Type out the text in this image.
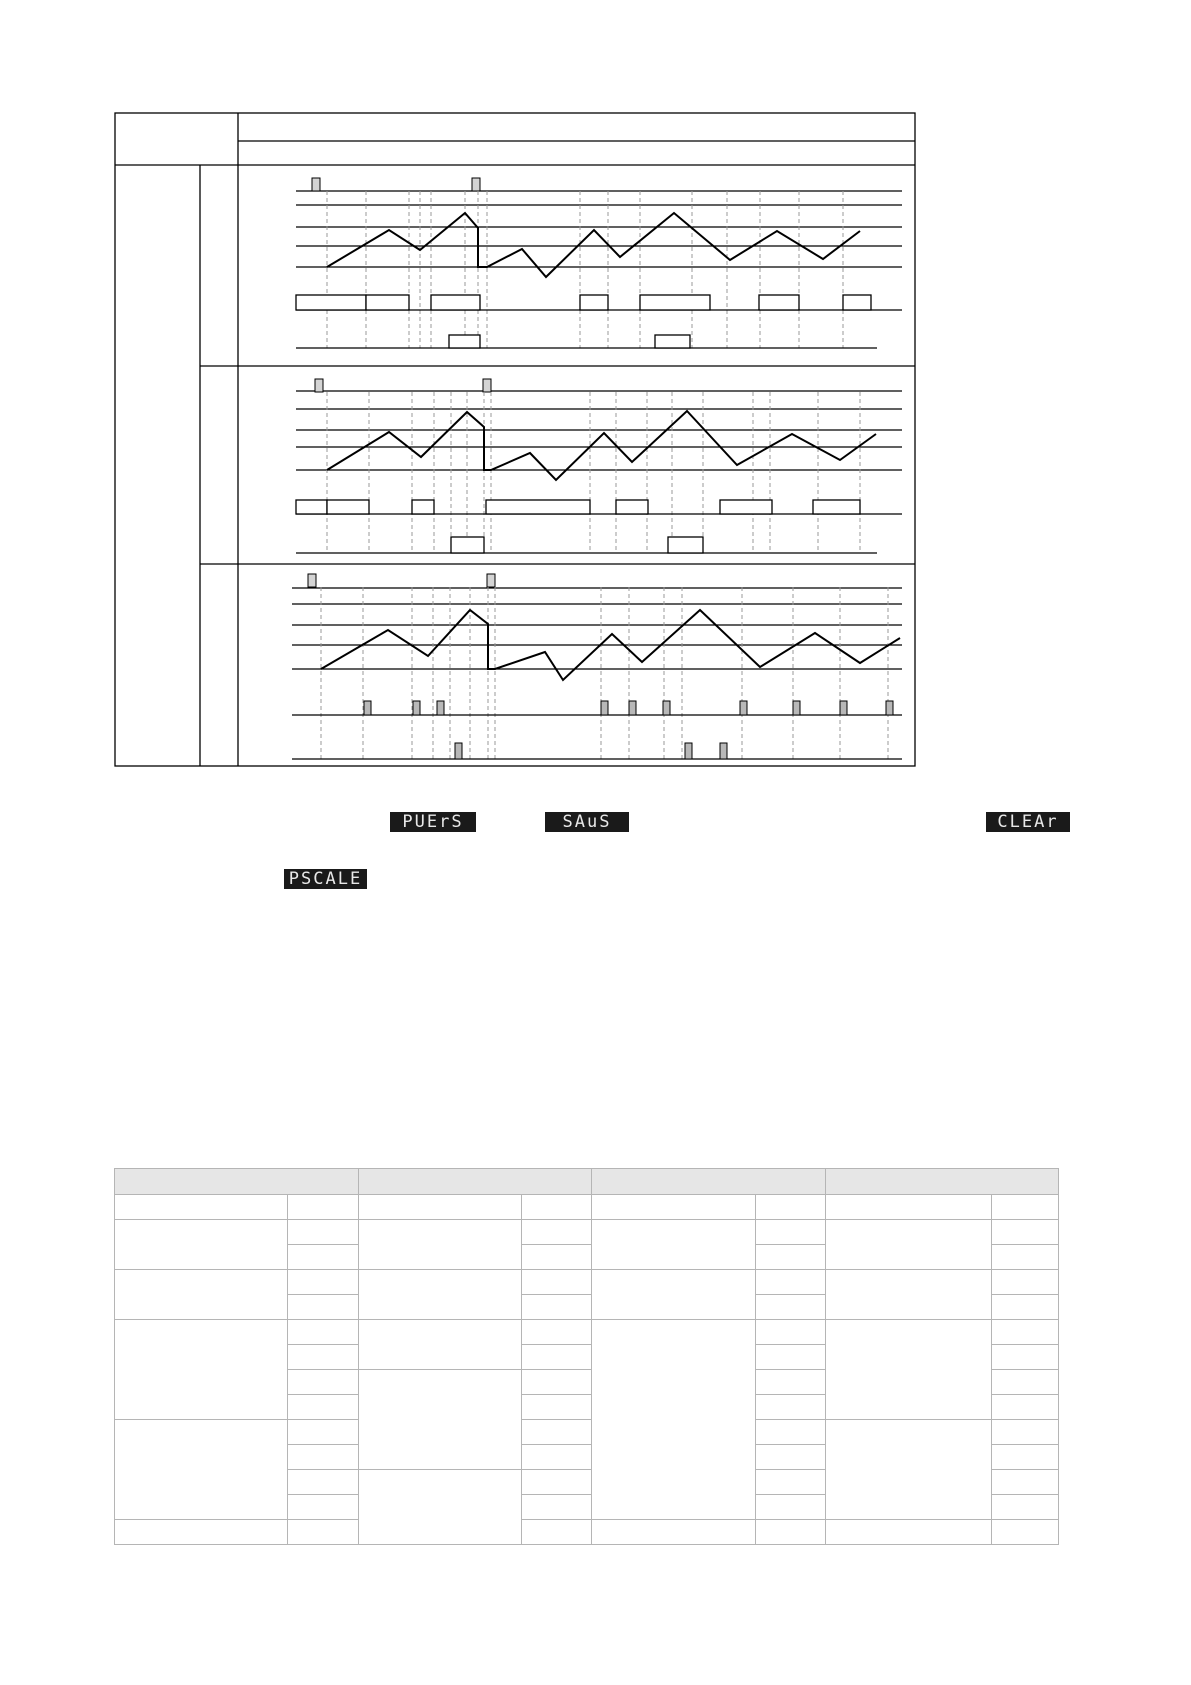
PUErS	SAuS	CLEAr
PSCALE
